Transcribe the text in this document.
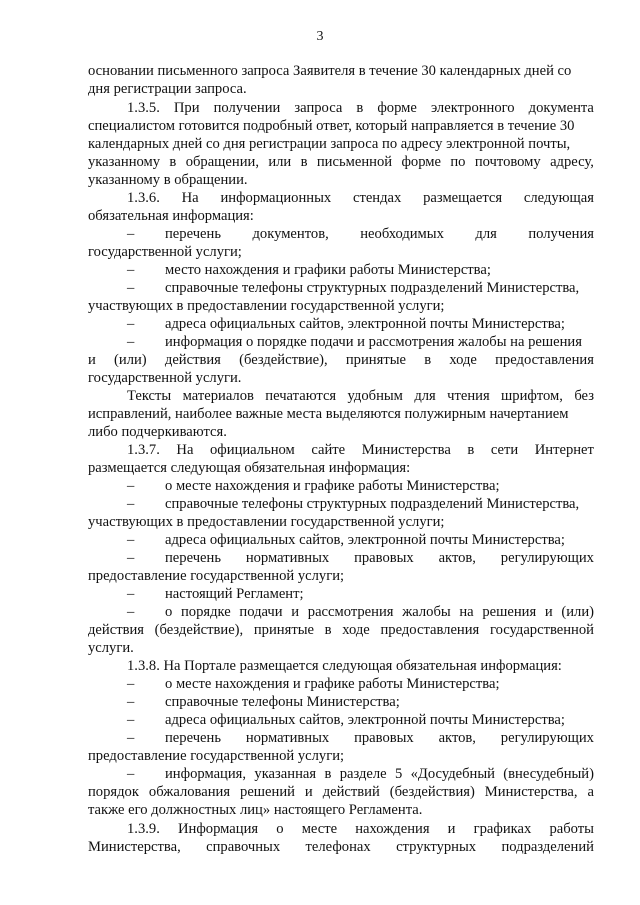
3
основании письменного запроса Заявителя в течение 30 календарных дней со
дня регистрации запроса.
1.3.5. При получении запроса в форме электронного документа
специалистом готовится подробный ответ, который направляется в течение 30
календарных дней со дня регистрации запроса по адресу электронной почты,
указанному в обращении, или в письменной форме по почтовому адресу,
указанному в обращении.
1.3.6. На информационных стендах размещается следующая
обязательная информация:
–	перечень документов, необходимых для получения
государственной услуги;
–	место нахождения и графики работы Министерства;
–	справочные телефоны структурных подразделений Министерства,
участвующих в предоставлении государственной услуги;
–	адреса официальных сайтов, электронной почты Министерства;
–	информация о порядке подачи и рассмотрения жалобы на решения
и (или) действия (бездействие), принятые в ходе предоставления
государственной услуги.
Тексты материалов печатаются удобным для чтения шрифтом, без
исправлений, наиболее важные места выделяются полужирным начертанием
либо подчеркиваются.
1.3.7. На официальном сайте Министерства в сети Интернет
размещается следующая обязательная информация:
–	о месте нахождения и графике работы Министерства;
–	справочные телефоны структурных подразделений Министерства,
участвующих в предоставлении государственной услуги;
–	адреса официальных сайтов, электронной почты Министерства;
–	перечень нормативных правовых актов, регулирующих
предоставление государственной услуги;
–	настоящий Регламент;
–	о порядке подачи и рассмотрения жалобы на решения и (или)
действия (бездействие), принятые в ходе предоставления государственной
услуги.
1.3.8. На Портале размещается следующая обязательная информация:
–	о месте нахождения и графике работы Министерства;
–	справочные телефоны Министерства;
–	адреса официальных сайтов, электронной почты Министерства;
–	перечень нормативных правовых актов, регулирующих
предоставление государственной услуги;
–	информация, указанная в разделе 5 «Досудебный (внесудебный)
порядок обжалования решений и действий (бездействия) Министерства, а
также его должностных лиц» настоящего Регламента.
1.3.9. Информация о месте нахождения и графиках работы
Министерства, справочных телефонах структурных подразделений
